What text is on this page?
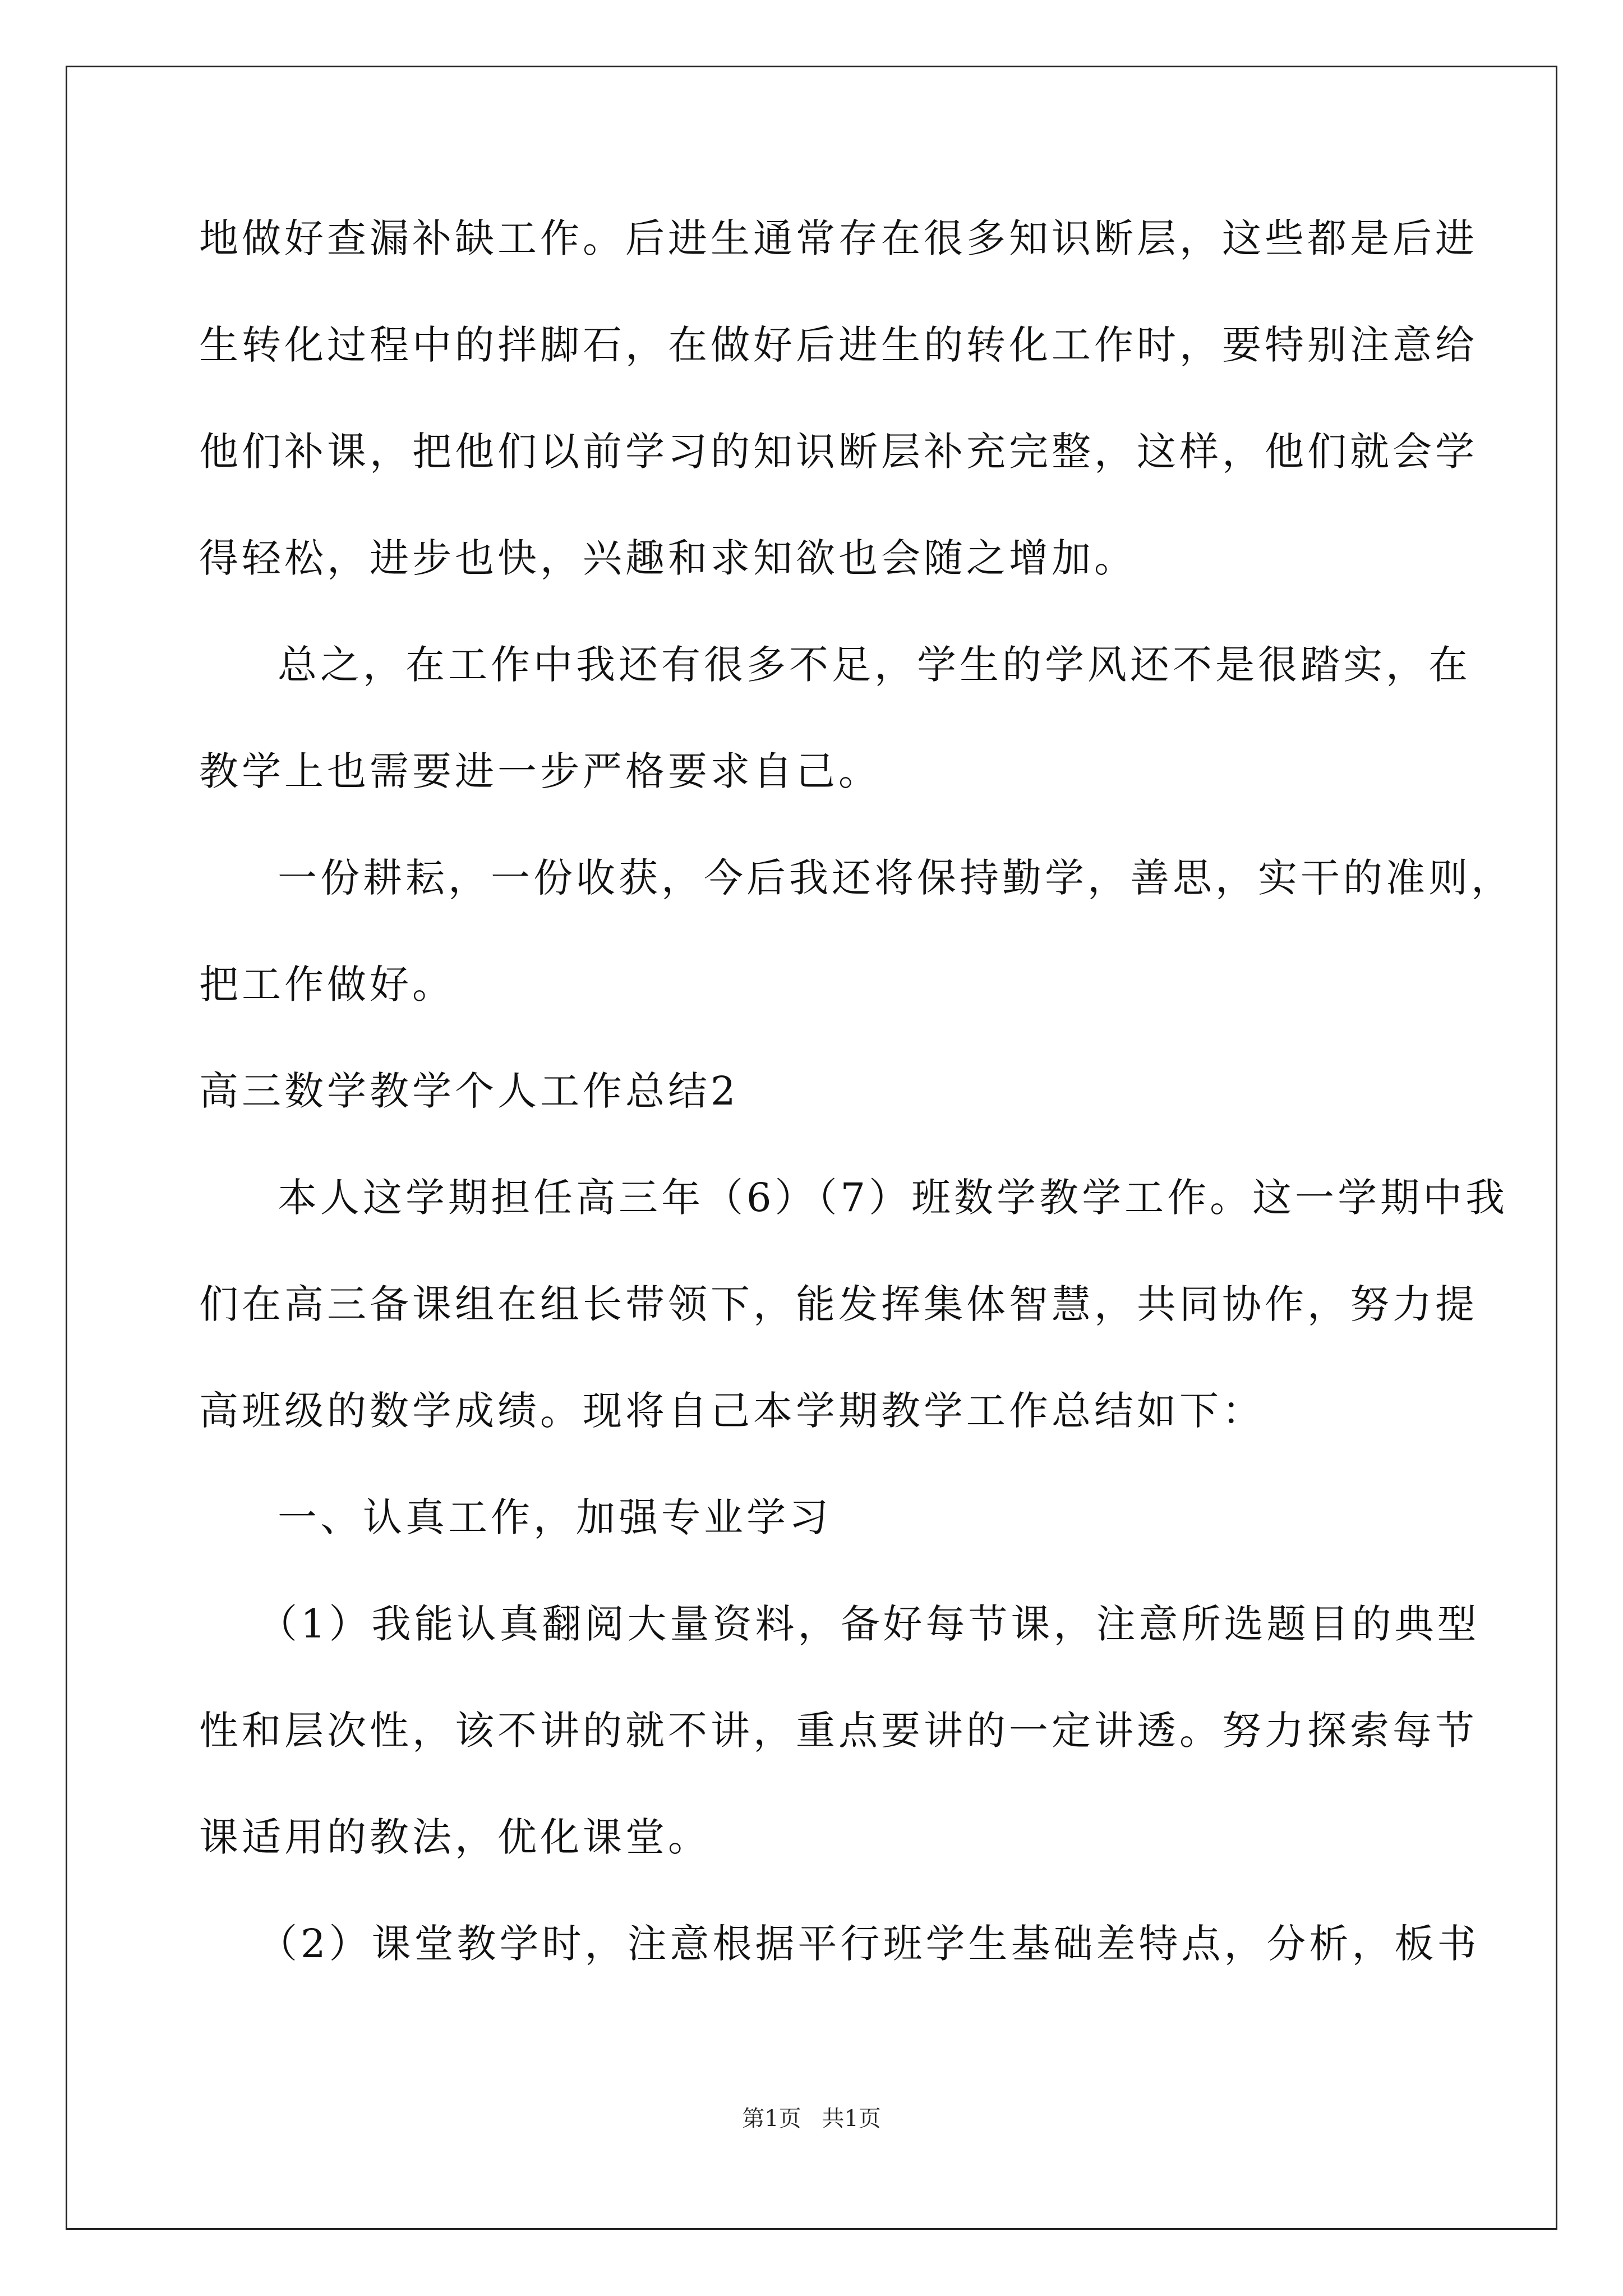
地做好查漏补缺工作。后进生通常存在很多知识断层，这些都是后进
生转化过程中的拌脚石，在做好后进生的转化工作时，要特别注意给
他们补课，把他们以前学习的知识断层补充完整，这样，他们就会学
得轻松，进步也快，兴趣和求知欲也会随之增加。
总之，在工作中我还有很多不足，学生的学风还不是很踏实，在
教学上也需要进一步严格要求自己。
一份耕耘，一份收获，今后我还将保持勤学，善思，实干的准则，
把工作做好。
高三数学教学个人工作总结2
本人这学期担任高三年（6）（7）班数学教学工作。这一学期中我
们在高三备课组在组长带领下，能发挥集体智慧，共同协作，努力提
高班级的数学成绩。现将自己本学期教学工作总结如下：
一、认真工作，加强专业学习
（1）我能认真翻阅大量资料，备好每节课，注意所选题目的典型
性和层次性，该不讲的就不讲，重点要讲的一定讲透。努力探索每节
课适用的教法，优化课堂。
（2）课堂教学时，注意根据平行班学生基础差特点，分析，板书
第1页 共1页
